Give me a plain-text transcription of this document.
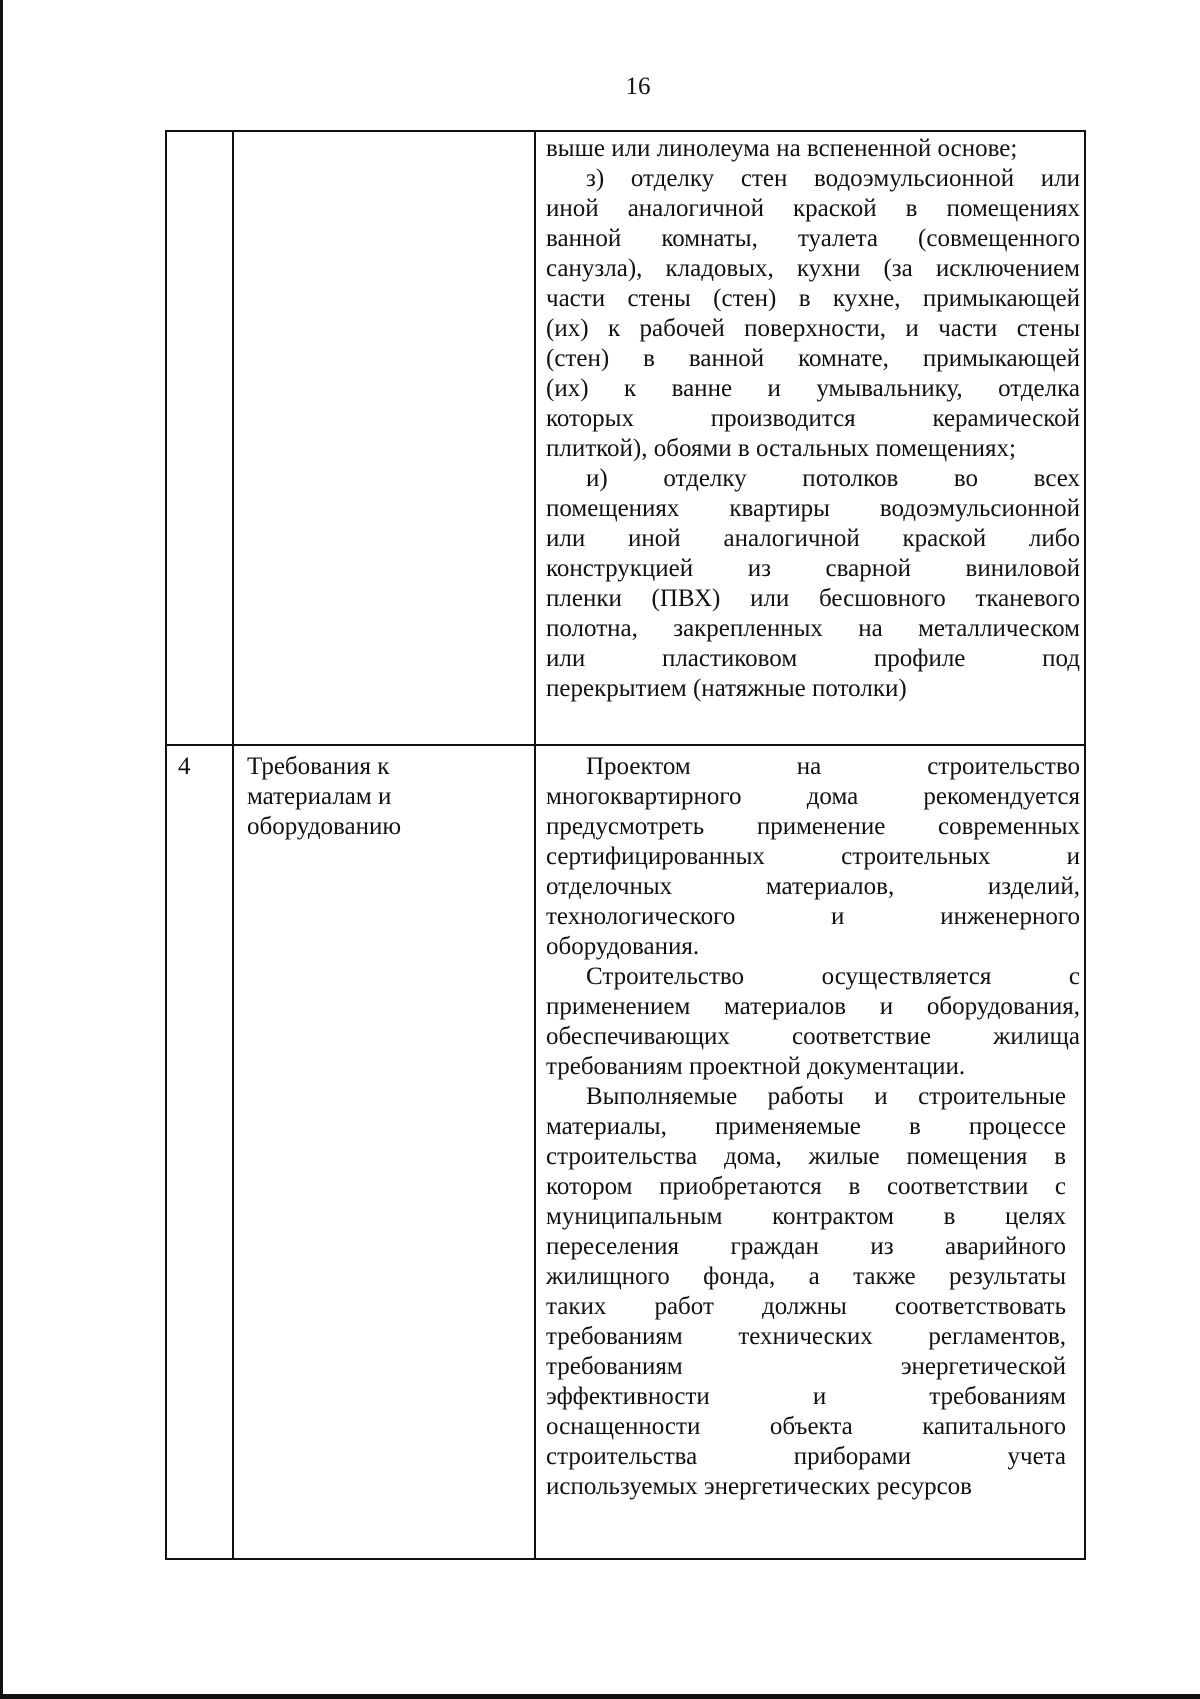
16
выше или линолеума на вспененной основе;
з) отделку стен водоэмульсионной или
иной аналогичной краской в помещениях
ванной комнаты, туалета (совмещенного
санузла), кладовых, кухни (за исключением
части стены (стен) в кухне, примыкающей
(их) к рабочей поверхности, и части стены
(стен) в ванной комнате, примыкающей
(их) к ванне и умывальнику, отделка
которых производится керамической
плиткой), обоями в остальных помещениях;
и) отделку потолков во всех
помещениях квартиры водоэмульсионной
или иной аналогичной краской либо
конструкцией из сварной виниловой
пленки (ПВХ) или бесшовного тканевого
полотна, закрепленных на металлическом
или пластиковом профиле под
перекрытием (натяжные потолки)
4 Требования к
материалам и
оборудованию
Проектом на строительство
многоквартирного дома рекомендуется
предусмотреть применение современных
сертифицированных строительных и
отделочных материалов, изделий,
технологического и инженерного
оборудования.
Строительство осуществляется с
применением материалов и оборудования,
обеспечивающих соответствие жилища
требованиям проектной документации.
Выполняемые работы и строительные
материалы, применяемые в процессе
строительства дома, жилые помещения в
котором приобретаются в соответствии с
муниципальным контрактом в целях
переселения граждан из аварийного
жилищного фонда, а также результаты
таких работ должны соответствовать
требованиям технических регламентов,
требованиям энергетической
эффективности и требованиям
оснащенности объекта капитального
строительства приборами учета
используемых энергетических ресурсов
